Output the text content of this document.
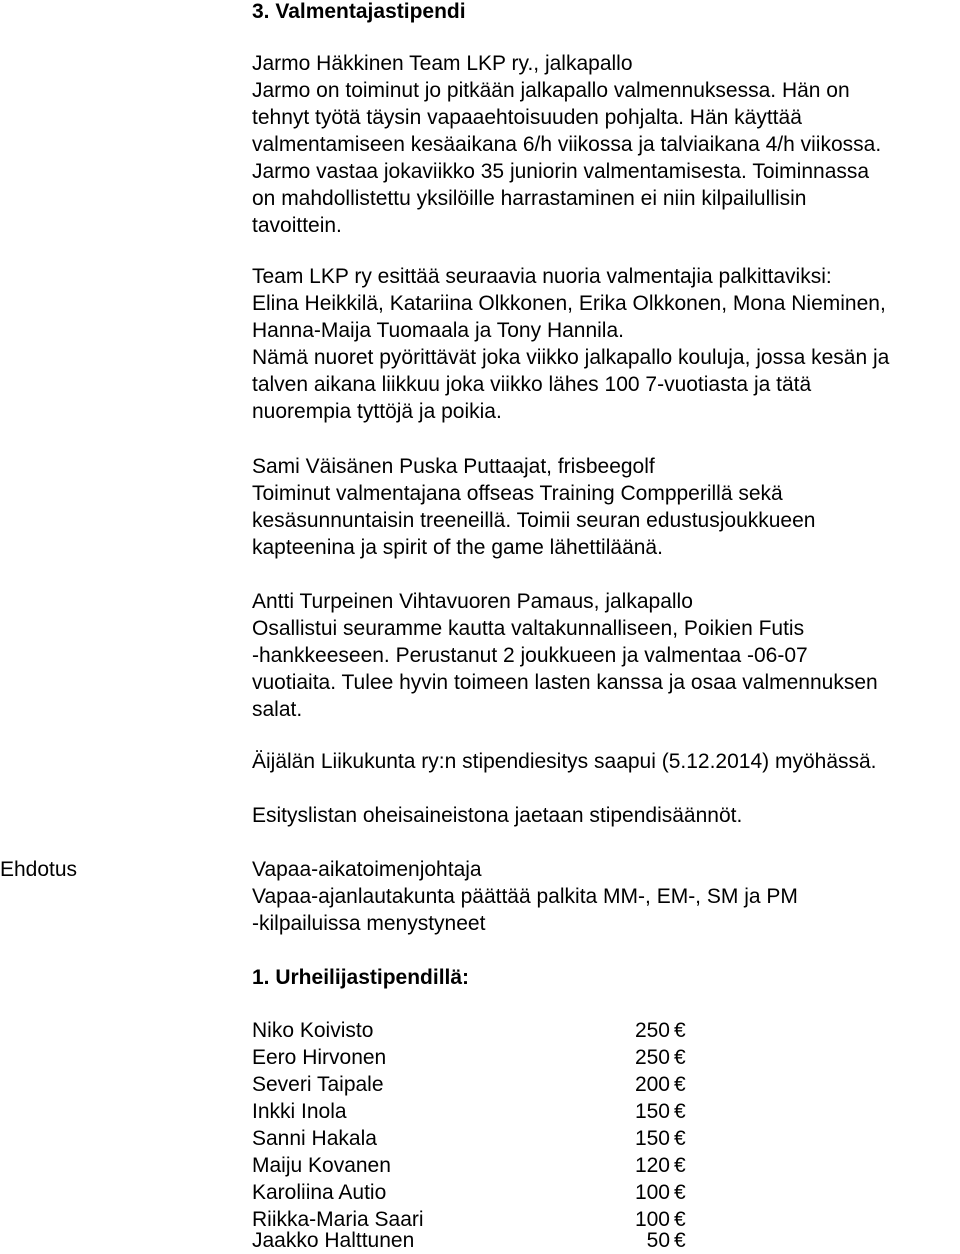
3. Valmentajastipendi
Jarmo Häkkinen Team LKP ry., jalkapallo
Jarmo on toiminut jo pitkään jalkapallo valmennuksessa. Hän on
tehnyt työtä täysin vapaaehtoisuuden pohjalta. Hän käyttää
valmentamiseen kesäaikana 6/h viikossa ja talviaikana 4/h viikossa.
Jarmo vastaa jokaviikko 35 juniorin valmentamisesta. Toiminnassa
on mahdollistettu yksilöille harrastaminen ei niin kilpailullisin
tavoittein.
Team LKP ry esittää seuraavia nuoria valmentajia palkittaviksi:
Elina Heikkilä, Katariina Olkkonen, Erika Olkkonen, Mona Nieminen,
Hanna-Maija Tuomaala ja Tony Hannila.
Nämä nuoret pyörittävät joka viikko jalkapallo kouluja, jossa kesän ja
talven aikana liikkuu joka viikko lähes 100 7-vuotiasta ja tätä
nuorempia tyttöjä ja poikia.
Sami Väisänen Puska Puttaajat, frisbeegolf
Toiminut valmentajana offseas Training Compperillä sekä
kesäsunnuntaisin treeneillä. Toimii seuran edustusjoukkueen
kapteenina ja spirit of the game lähettiläänä.
Antti Turpeinen Vihtavuoren Pamaus, jalkapallo
Osallistui seuramme kautta valtakunnalliseen, Poikien Futis
-hankkeeseen. Perustanut 2 joukkueen ja valmentaa -06-07
vuotiaita. Tulee hyvin toimeen lasten kanssa ja osaa valmennuksen
salat.
Äijälän Liikukunta ry:n stipendiesitys saapui (5.12.2014) myöhässä.
Esityslistan oheisaineistona jaetaan stipendisäännöt.
Ehdotus	Vapaa-aikatoimenjohtaja
Vapaa-ajanlautakunta päättää palkita MM-, EM-, SM ja PM
-kilpailuissa menystyneet
1. Urheilijastipendillä:
Niko Koivisto	250 €
Eero Hirvonen	250 €
Severi Taipale	200 €
Inkki Inola	150 €
Sanni Hakala	150 €
Maiju Kovanen	120 €
Karoliina Autio	100 €
Riikka-Maria Saari	100 €
Jaakko Halttunen	50 €
